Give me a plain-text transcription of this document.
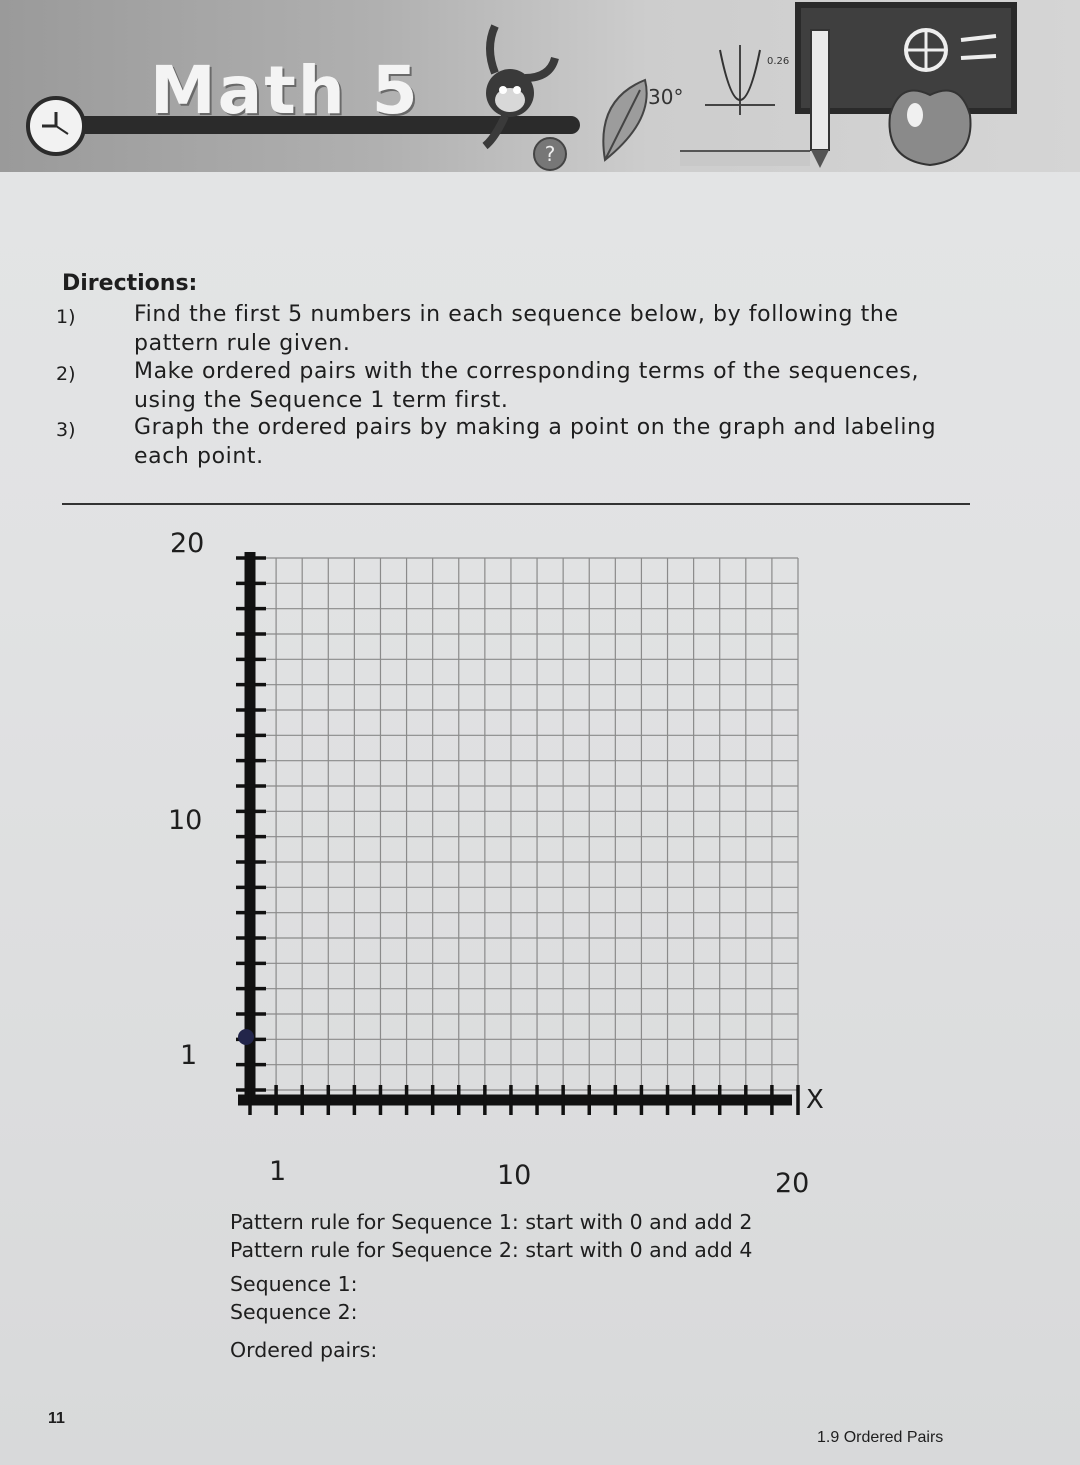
Math 5
?
30°
0.26
Directions:
1)	Find the first 5 numbers in each sequence below, by following the pattern rule given.
2)	Make ordered pairs with the corresponding terms of the sequences, using the Sequence 1 term first.
3)	Graph the ordered pairs by making a point on the graph and labeling each point.
20
10
1
1	10	20
X
Pattern rule for Sequence 1: start with 0 and add 2
Pattern rule for Sequence 2: start with 0 and add 4
Sequence 1:
Sequence 2:
Ordered pairs:
11
1.9 Ordered Pairs
